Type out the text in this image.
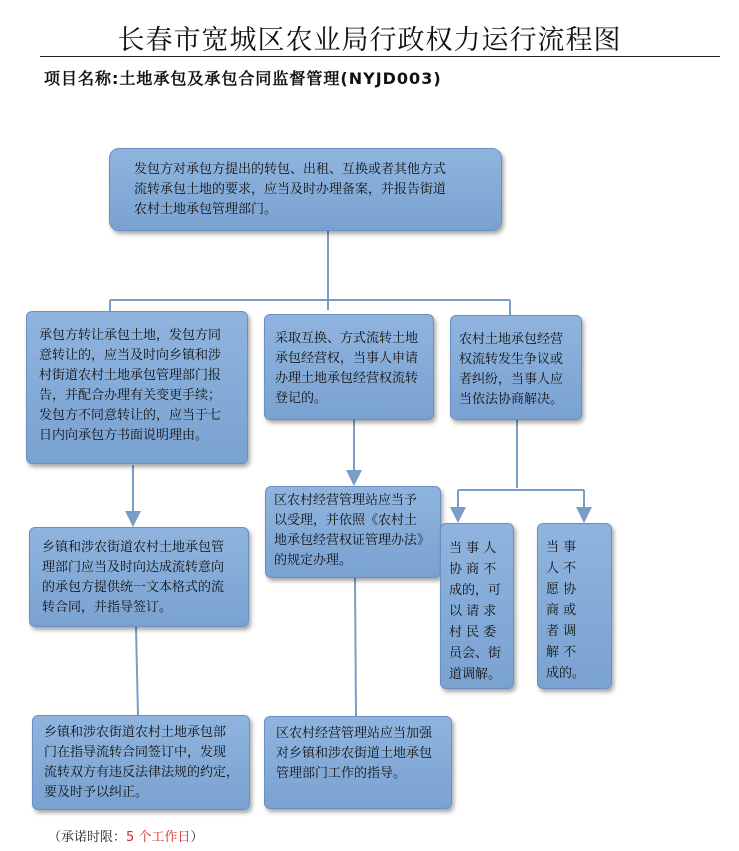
长春市宽城区农业局行政权力运行流程图
项目名称:土地承包及承包合同监督管理(NYJD003)
发包方对承包方提出的转包、出租、互换或者其他方式
流转承包土地的要求，应当及时办理备案，并报告街道
农村土地承包管理部门。
承包方转让承包土地，发包方同
意转让的，应当及时向乡镇和涉
村街道农村土地承包管理部门报
告，并配合办理有关变更手续；
发包方不同意转让的，应当于七
日内向承包方书面说明理由。
采取互换、方式流转土地
承包经营权，当事人申请
办理土地承包经营权流转
登记的。
农村土地承包经营
权流转发生争议或
者纠纷，当事人应
当依法协商解决。
乡镇和涉农街道农村土地承包管
理部门应当及时向达成流转意向
的承包方提供统一文本格式的流
转合同，并指导签订。
区农村经营管理站应当予
以受理，并依照《农村土
地承包经营权证管理办法》
的规定办理。
当 事 人
协 商 不
成的，可
以 请 求
村 民 委
员会、街
道调解。
当 事
人 不
愿 协
商 或
者 调
解 不
成的。
乡镇和涉农街道农村土地承包部
门在指导流转合同签订中，发现
流转双方有违反法律法规的约定，
要及时予以纠正。
区农村经营管理站应当加强
对乡镇和涉农街道土地承包
管理部门工作的指导。
（承诺时限：5 个工作日）
